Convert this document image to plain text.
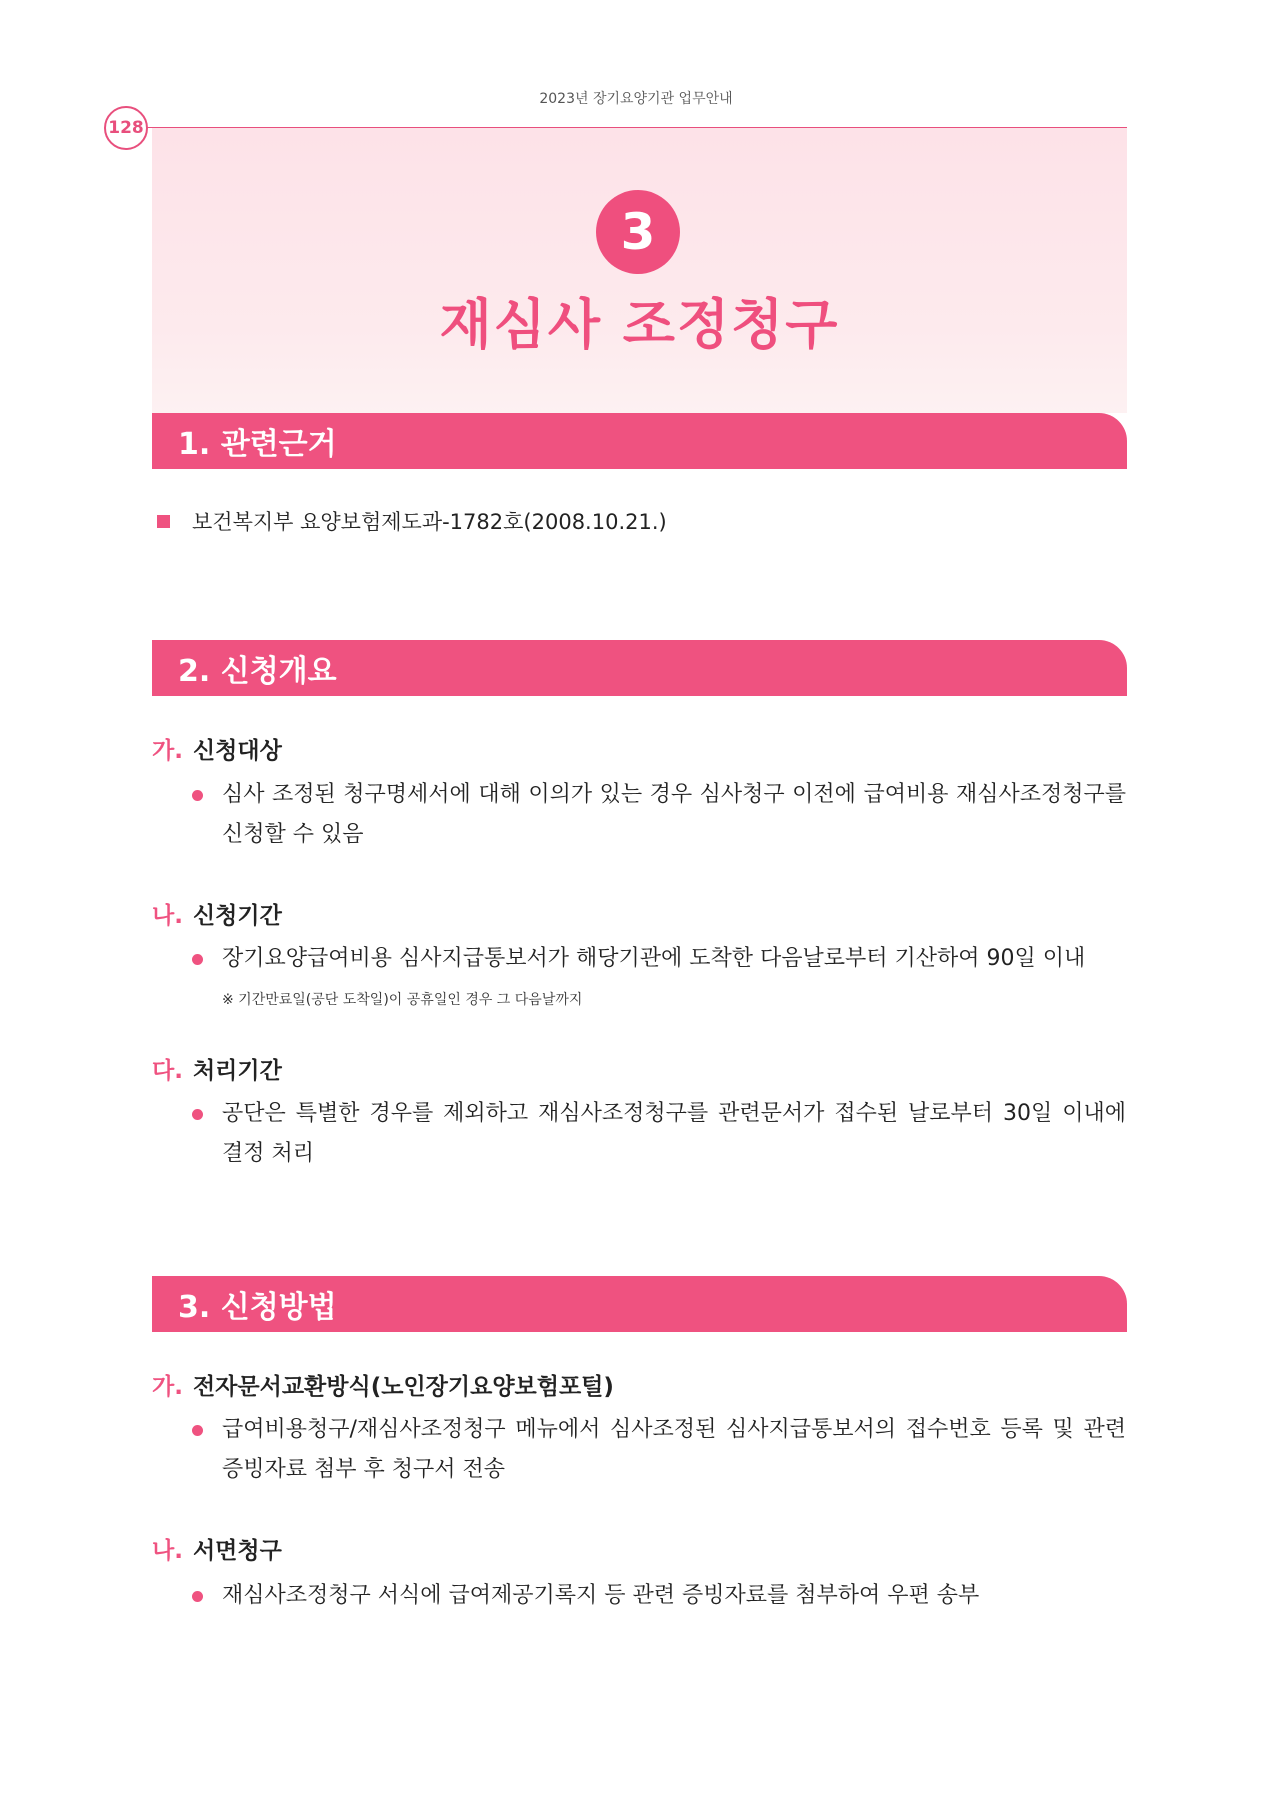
2023년 장기요양기관 업무안내
128
3
재심사 조정청구
1. 관련근거
보건복지부 요양보험제도과-1782호(2008.10.21.)
2. 신청개요
가. 신청대상
심사 조정된 청구명세서에 대해 이의가 있는 경우 심사청구 이전에 급여비용 재심사조정청구를 신청할 수 있음
나. 신청기간
장기요양급여비용 심사지급통보서가 해당기관에 도착한 다음날로부터 기산하여 90일 이내
※ 기간만료일(공단 도착일)이 공휴일인 경우 그 다음날까지
다. 처리기간
공단은 특별한 경우를 제외하고 재심사조정청구를 관련문서가 접수된 날로부터 30일 이내에 결정 처리
3. 신청방법
가. 전자문서교환방식(노인장기요양보험포털)
급여비용청구/재심사조정청구 메뉴에서 심사조정된 심사지급통보서의 접수번호 등록 및 관련 증빙자료 첨부 후 청구서 전송
나. 서면청구
재심사조정청구 서식에 급여제공기록지 등 관련 증빙자료를 첨부하여 우편 송부
